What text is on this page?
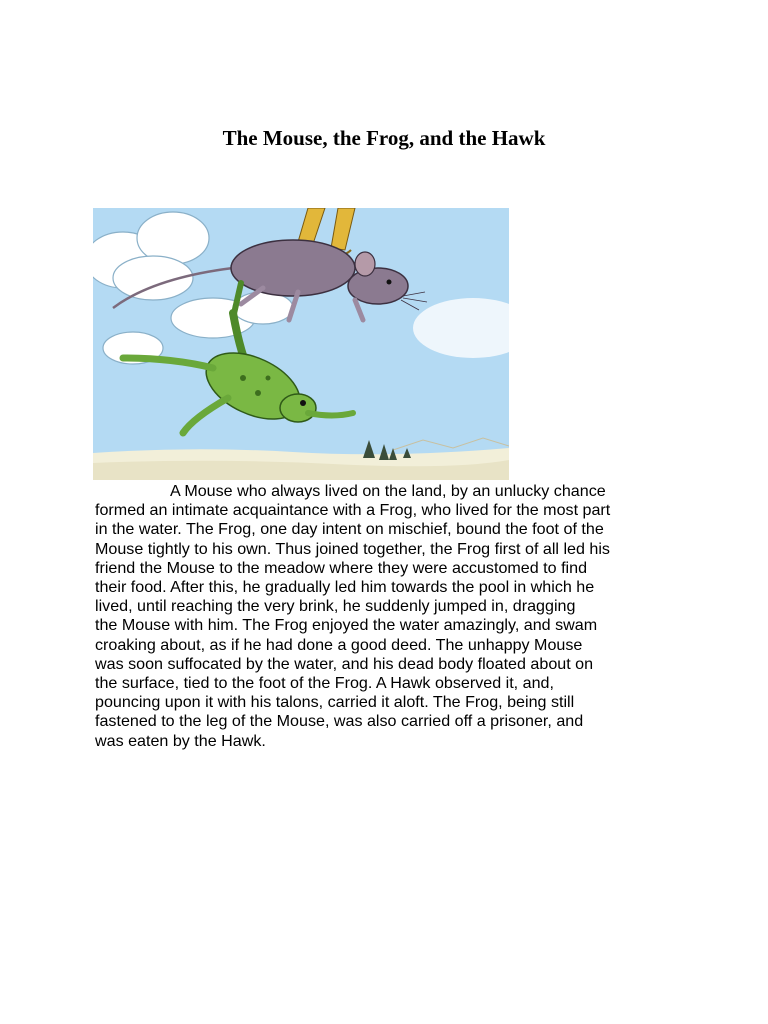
The Mouse, the Frog, and the Hawk
A Mouse who always lived on the land, by an unlucky chance
formed an intimate acquaintance with a Frog, who lived for the most part
in the water. The Frog, one day intent on mischief, bound the foot of the
Mouse tightly to his own. Thus joined together, the Frog first of all led his
friend the Mouse to the meadow where they were accustomed to find
their food. After this, he gradually led him towards the pool in which he
lived, until reaching the very brink, he suddenly jumped in, dragging
the Mouse with him. The Frog enjoyed the water amazingly, and swam
croaking about, as if he had done a good deed. The unhappy Mouse
was soon suffocated by the water, and his dead body floated about on
the surface, tied to the foot of the Frog. A Hawk observed it, and,
pouncing upon it with his talons, carried it aloft. The Frog, being still
fastened to the leg of the Mouse, was also carried off a prisoner, and
was eaten by the Hawk.
